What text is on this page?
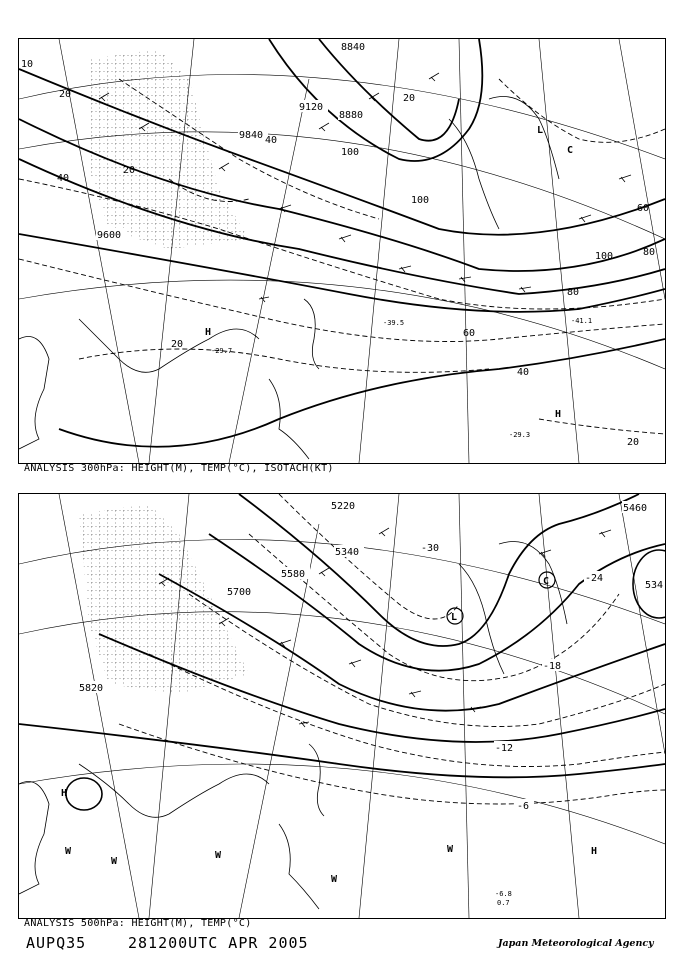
8840
9120
8880
9840
9600
10
20
20
20
20
20
40
40
40
60
60
80
80
100
100
100
-39.5	-41.1
-29.3
-29.7
L
C
H
H
ANALYSIS 300hPa: HEIGHT(M), TEMP(°C), ISOTACH(KT)
5220	5460
5340
5580
5700
5820
534
-30
-24
-18
-12
-6
-6.8
0.7
L
C
H
W
W
W
W
W	H
ANALYSIS 500hPa: HEIGHT(M), TEMP(°C)
AUPQ35	281200UTC APR 2005	Japan Meteorological Agency
